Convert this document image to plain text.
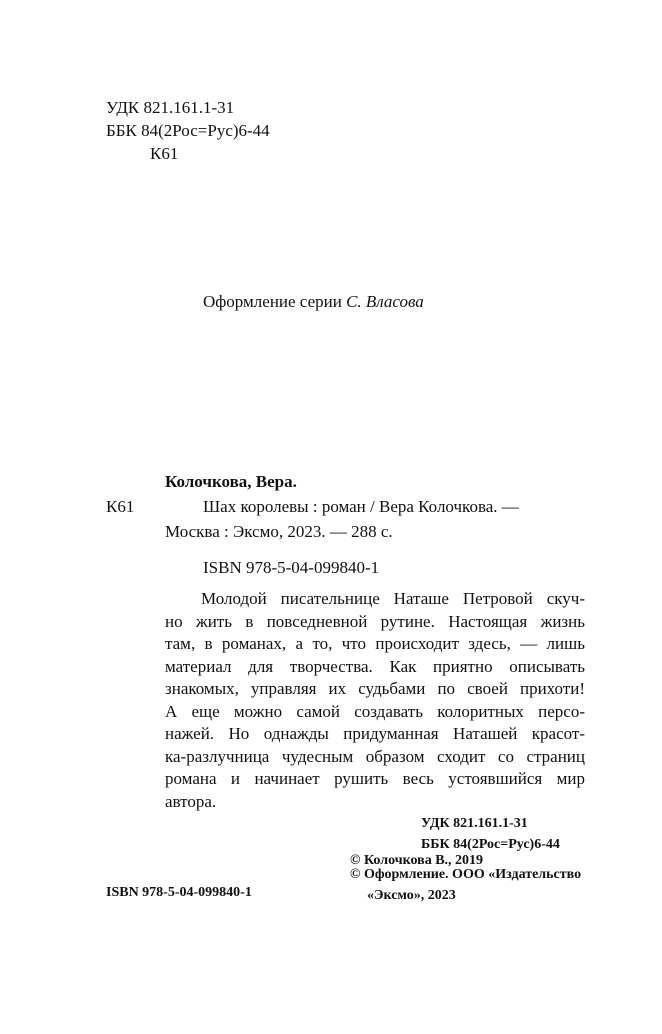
УДК 821.161.1-31
ББК 84(2Рос=Рус)6-44
К61
Оформление серии С. Власова
Колочкова, Вера.
К61	Шах королевы : роман / Вера Колочкова. —
Москва : Эксмо, 2023. — 288 с.
ISBN 978-5-04-099840-1
Молодой писательнице Наташе Петровой скуч-
но жить в повседневной рутине. Настоящая жизнь
там, в романах, а то, что происходит здесь, — лишь
материал для творчества. Как приятно описывать
знакомых, управляя их судьбами по своей прихоти!
А еще можно самой создавать колоритных персо-
нажей. Но однажды придуманная Наташей красот-
ка-разлучница чудесным образом сходит со страниц
романа и начинает рушить весь устоявшийся мир
автора.
УДК 821.161.1-31
ББК 84(2Рос=Рус)6-44
© Колочкова В., 2019
© Оформление. ООО «Издательство
«Эксмо», 2023
ISBN 978-5-04-099840-1
